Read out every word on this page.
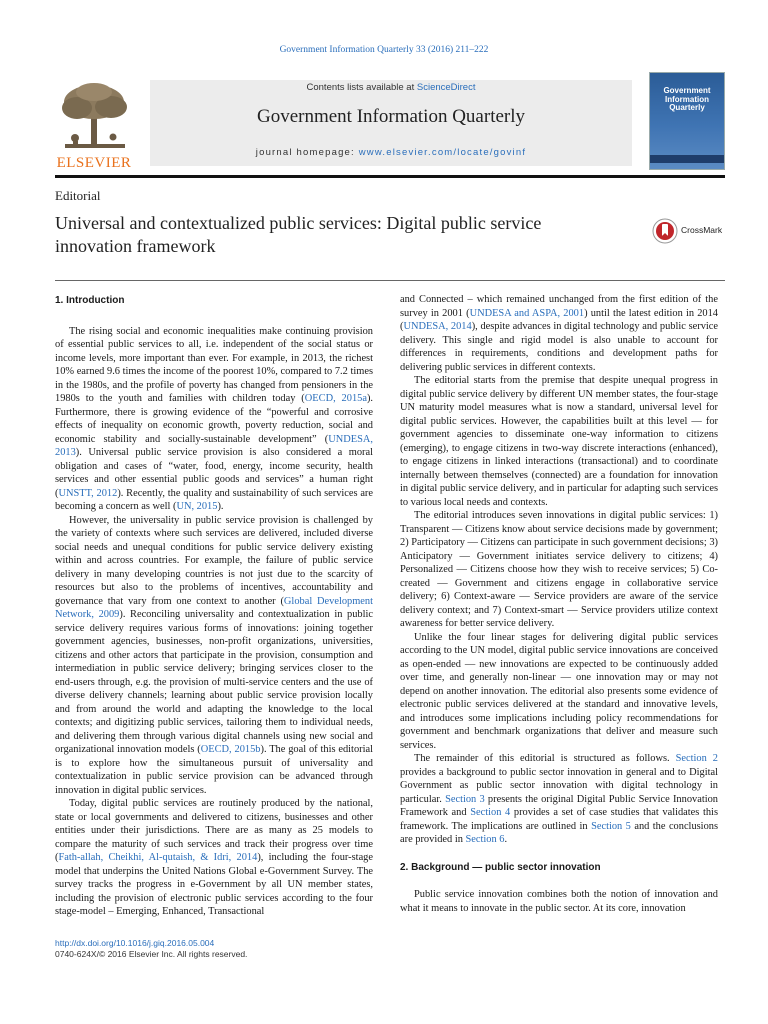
Government Information Quarterly 33 (2016) 211–222
ELSEVIER
Contents lists available at ScienceDirect
Government Information Quarterly
journal homepage: www.elsevier.com/locate/govinf
Government Information Quarterly
Editorial
Universal and contextualized public services: Digital public service innovation framework
CrossMark
1. Introduction

The rising social and economic inequalities make continuing provision of essential public services to all, i.e. independent of the social status or income levels, more important than ever. For example, in 2013, the richest 10% earned 9.6 times the income of the poorest 10%, compared to 7.2 times in the 1980s, and the profile of poverty has changed from pensioners in the 1980s to the youth and families with children today (OECD, 2015a). Furthermore, there is growing evidence of the “powerful and corrosive effects of inequality on economic growth, poverty reduction, social and economic stability and socially-sustainable development” (UNDESA, 2013). Universal public service provision is also considered a moral obligation and cases of “water, food, energy, income security, health services and other essential public goods and services” a human right (UNSTT, 2012). Recently, the quality and sustainability of such services are becoming a concern as well (UN, 2015).

However, the universality in public service provision is challenged by the variety of contexts where such services are delivered, included diverse social needs and unequal conditions for public service delivery existing within and across countries. For example, the failure of public service delivery in many developing countries is not just due to the scarcity of resources but also to the problems of incentives, accountability and governance that vary from one context to another (Global Development Network, 2009). Reconciling universality and contextualization in public service delivery requires various forms of innovations: joining together government agencies, businesses, non-profit organizations, universities, citizens and other actors that participate in the provision, consumption and intermediation in public service delivery; bringing services closer to the end-users through, e.g. the provision of multi-service centers and the use of diverse delivery channels; learning about public service provision locally and from around the world and adapting the knowledge to the local contexts; and digitizing public services, tailoring them to individual needs, and delivering them through various digital channels using new social and organizational innovation models (OECD, 2015b). The goal of this editorial is to explore how the simultaneous pursuit of universality and contextualization in public service provision can be advanced through innovation in digital public services.

Today, digital public services are routinely produced by the national, state or local governments and delivered to citizens, businesses and other entities under their jurisdictions. There are as many as 25 models to compare the maturity of such services and track their progress over time (Fath-allah, Cheikhi, Al-qutaish, & Idri, 2014), including the four-stage model that underpins the United Nations Global e-Government Survey. The survey tracks the progress in e-Government by all UN member states, including the provision of electronic public services according to the four stage-model – Emerging, Enhanced, Transactional

and Connected – which remained unchanged from the first edition of the survey in 2001 (UNDESA and ASPA, 2001) until the latest edition in 2014 (UNDESA, 2014), despite advances in digital technology and public service delivery. This single and rigid model is also unable to account for differences in requirements, conditions and development paths for delivering public services in different contexts.

The editorial starts from the premise that despite unequal progress in digital public service delivery by different UN member states, the four-stage UN maturity model measures what is now a standard, universal level for digital public services. However, the capabilities built at this level — for government agencies to disseminate one-way information to citizens (emerging), to engage citizens in two-way discrete interactions (enhanced), to engage citizens in linked interactions (transactional) and to coordinate internally between themselves (connected) are a foundation for innovation in digital public service delivery, and in particular for adapting such services to various local needs and contexts.

The editorial introduces seven innovations in digital public services: 1) Transparent — Citizens know about service decisions made by government; 2) Participatory — Citizens can participate in such government decisions; 3) Anticipatory — Government initiates service delivery to citizens; 4) Personalized — Citizens choose how they wish to receive services; 5) Co-created — Government and citizens engage in collaborative service delivery; 6) Context-aware — Service providers are aware of the service delivery context; and 7) Context-smart — Service providers utilize context awareness for better service delivery.

Unlike the four linear stages for delivering digital public services according to the UN model, digital public service innovations are conceived as open-ended — new innovations are expected to be continuously added over time, and generally non-linear — one innovation may or may not depend on another innovation. The editorial also presents some evidence of electronic public services delivered at the standard and innovative levels, and introduces some implications including policy recommendations for government and benchmark organizations that deliver and measure such services.

The remainder of this editorial is structured as follows. Section 2 provides a background to public sector innovation in general and to Digital Government as public sector innovation with digital technology in particular. Section 3 presents the original Digital Public Service Innovation Framework and Section 4 provides a set of case studies that validates this framework. The implications are outlined in Section 5 and the conclusions are provided in Section 6.

2. Background — public sector innovation

Public service innovation combines both the notion of innovation and what it means to innovate in the public sector. At its core, innovation

http://dx.doi.org/10.1016/j.giq.2016.05.004
0740-624X/© 2016 Elsevier Inc. All rights reserved.
